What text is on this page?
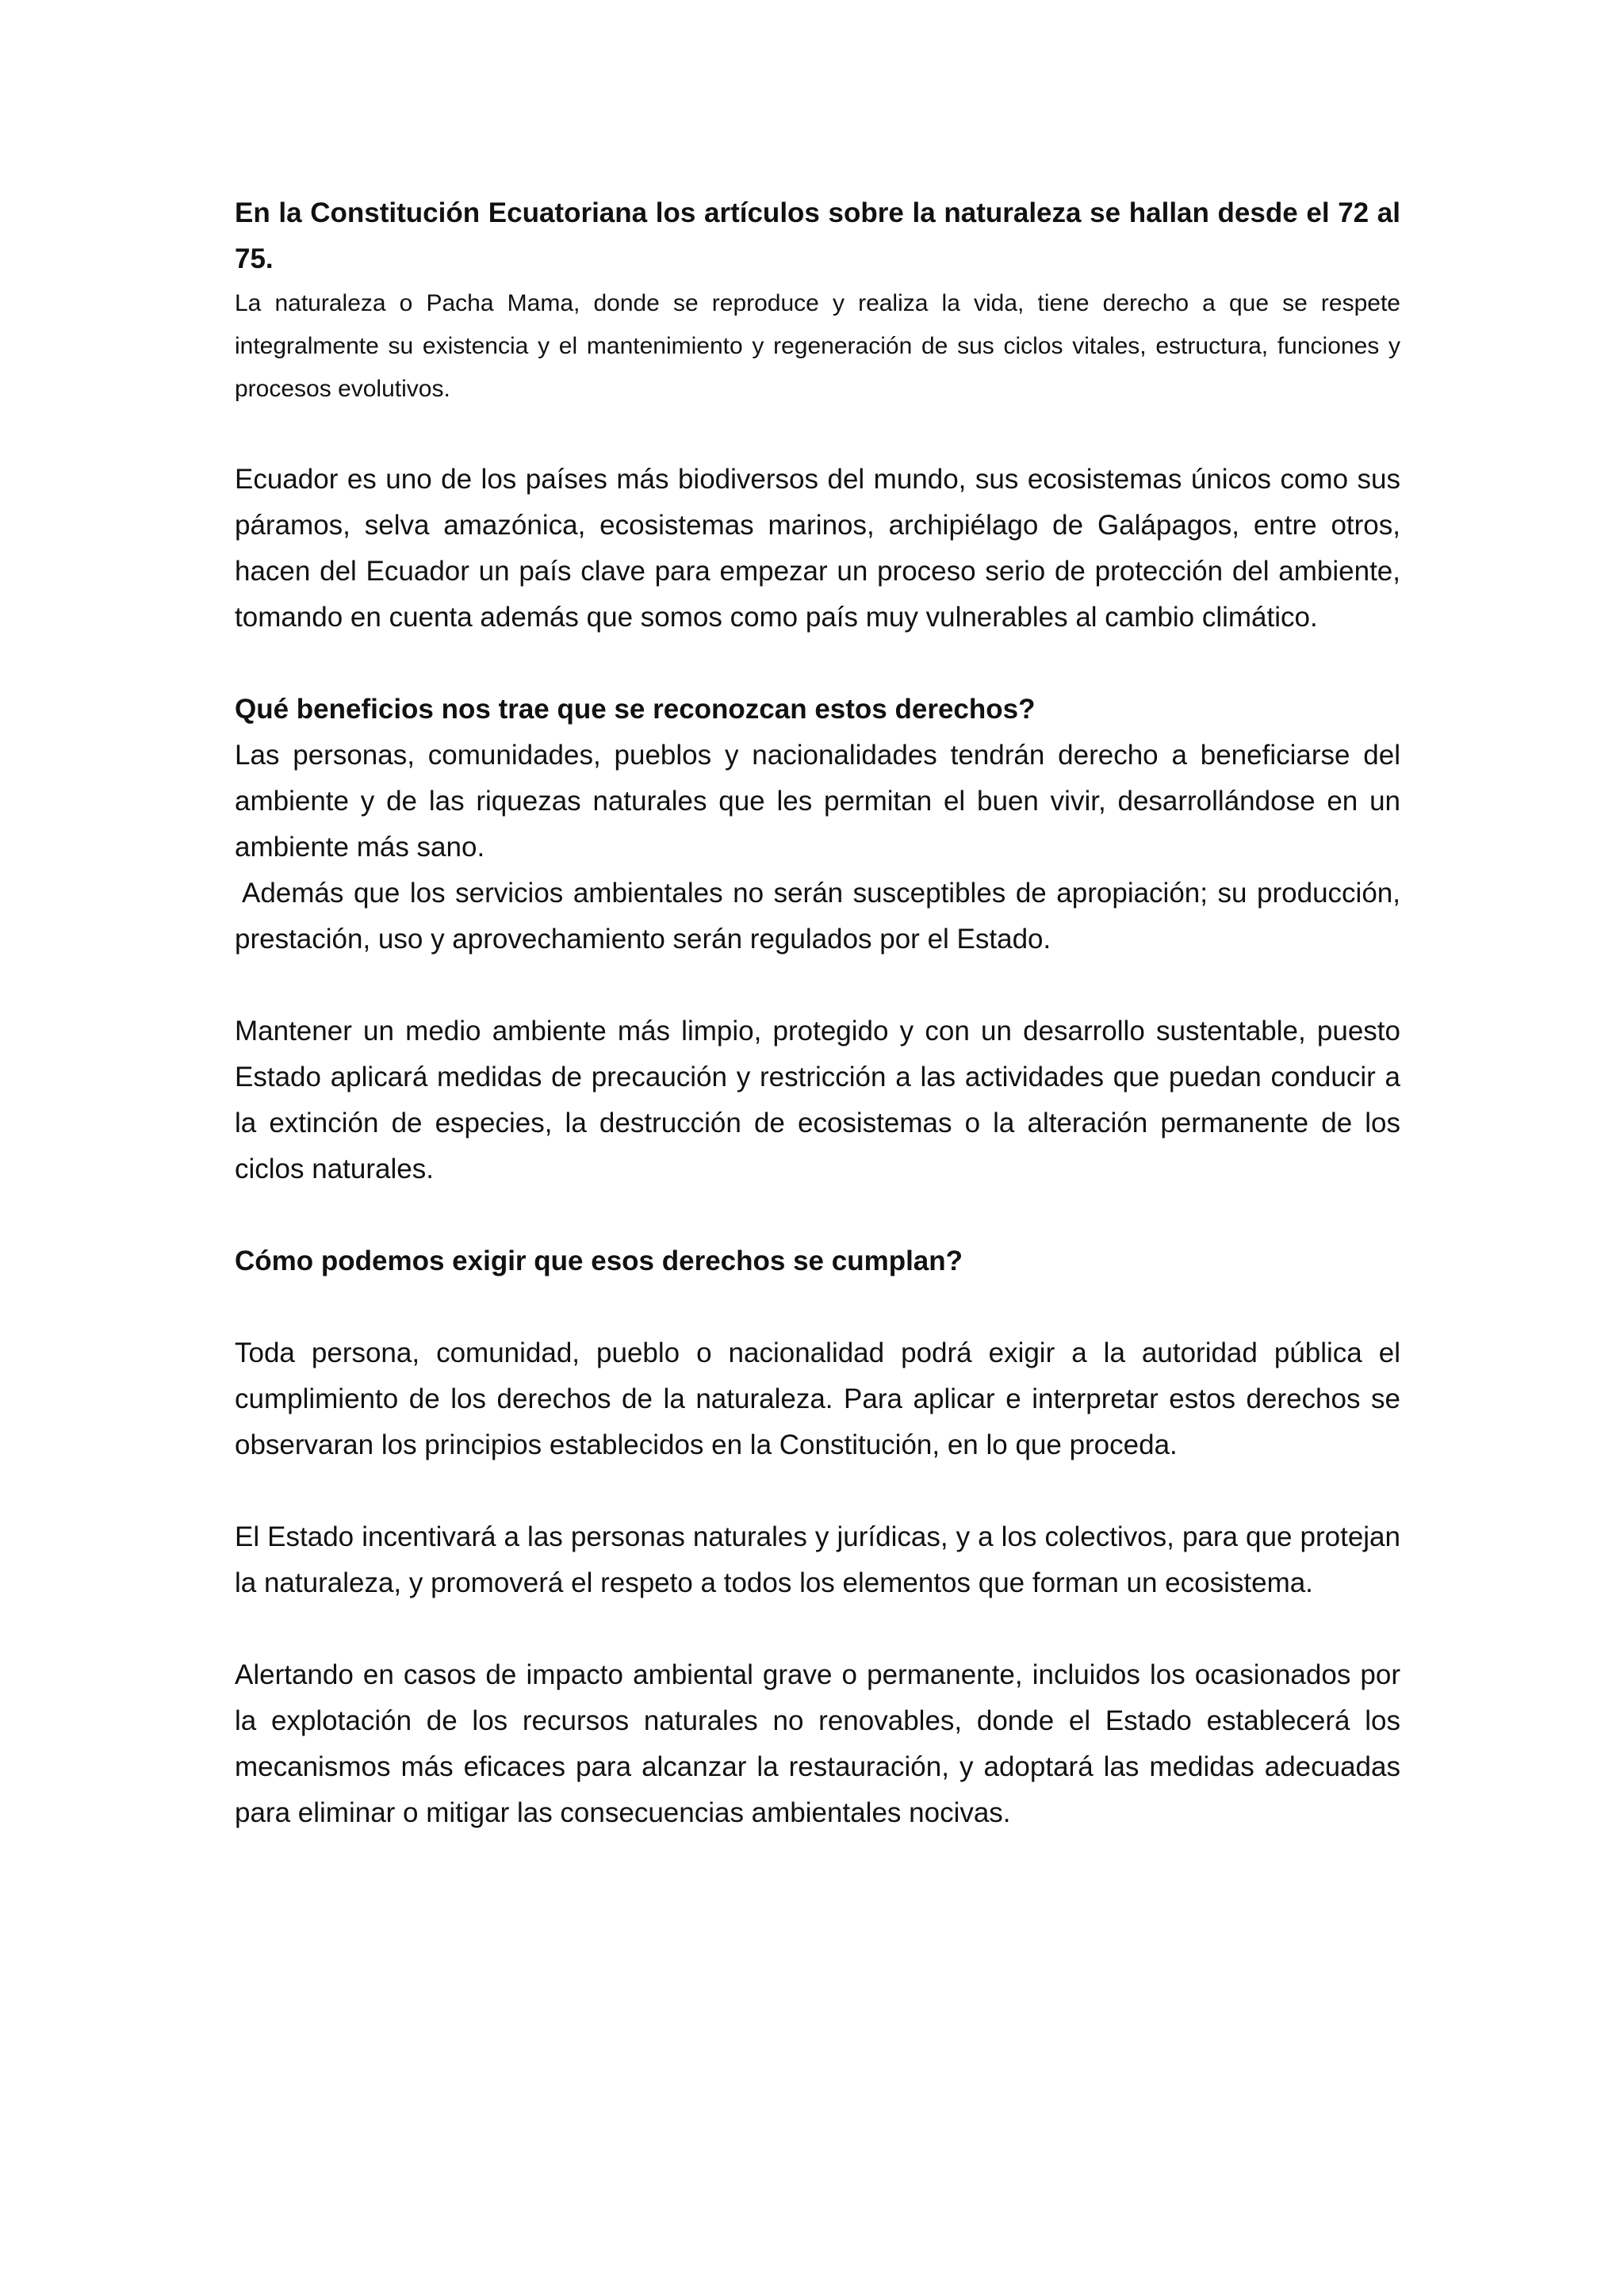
En la Constitución Ecuatoriana los artículos sobre la naturaleza se hallan desde el 72 al 75.

La naturaleza o Pacha Mama, donde se reproduce y realiza la vida, tiene derecho a que se respete integralmente su existencia y el mantenimiento y regeneración de sus ciclos vitales, estructura, funciones y procesos evolutivos.

Ecuador es uno de los países más biodiversos del mundo, sus ecosistemas únicos como sus páramos, selva amazónica, ecosistemas marinos, archipiélago de Galápagos, entre otros, hacen del Ecuador un país clave para empezar un proceso serio de protección del ambiente, tomando en cuenta además que somos como país muy vulnerables al cambio climático.

Qué beneficios nos trae que se reconozcan estos derechos?

Las personas, comunidades, pueblos y nacionalidades tendrán derecho a beneficiarse del ambiente y de las riquezas naturales que les permitan el buen vivir, desarrollándose en un ambiente más sano.

Además que los servicios ambientales no serán susceptibles de apropiación; su producción, prestación, uso y aprovechamiento serán regulados por el Estado.

Mantener un medio ambiente más limpio, protegido y con un desarrollo sustentable, puesto Estado aplicará medidas de precaución y restricción a las actividades que puedan conducir a la extinción de especies, la destrucción de ecosistemas o la alteración permanente de los ciclos naturales.

Cómo podemos exigir que esos derechos se cumplan?

Toda persona, comunidad, pueblo o nacionalidad podrá exigir a la autoridad pública el cumplimiento de los derechos de la naturaleza. Para aplicar e interpretar estos derechos se observaran los principios establecidos en la Constitución, en lo que proceda.

El Estado incentivará a las personas naturales y jurídicas, y a los colectivos, para que protejan la naturaleza, y promoverá el respeto a todos los elementos que forman un ecosistema.

Alertando en casos de impacto ambiental grave o permanente, incluidos los ocasionados por la explotación de los recursos naturales no renovables, donde el Estado establecerá los mecanismos más eficaces para alcanzar la restauración, y adoptará las medidas adecuadas para eliminar o mitigar las consecuencias ambientales nocivas.
